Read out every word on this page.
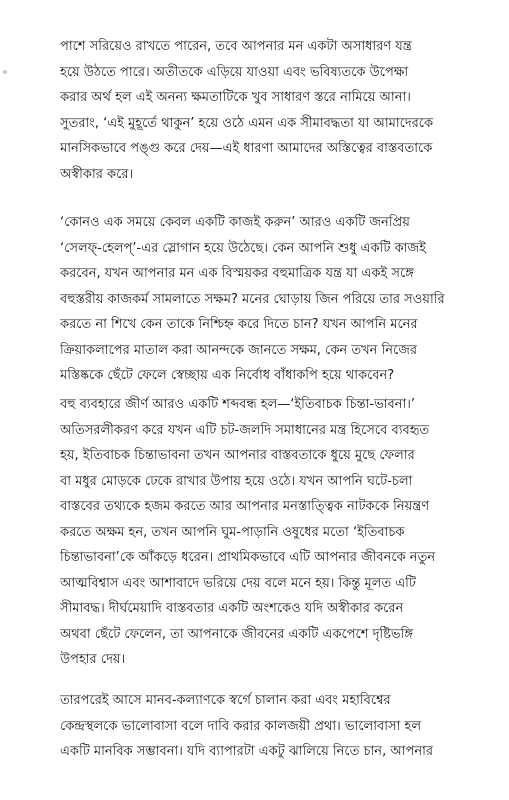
পাশে সরিয়েও রাখতে পারেন, তবে আপনার মন একটা অসাধারণ যন্ত্র
হয়ে উঠতে পারে। অতীতকে এড়িয়ে যাওয়া এবং ভবিষ্যতকে উপেক্ষা
করার অর্থ হল এই অনন্য ক্ষমতাটিকে খুব সাধারণ স্তরে নামিয়ে আনা।
সুতরাং, ‘এই মুহূর্তে থাকুন’ হয়ে ওঠে এমন এক সীমাবদ্ধতা যা আমাদেরকে
মানসিকভাবে পঙ্গু করে দেয়—এই ধারণা আমাদের অস্তিত্বের বাস্তবতাকে
অস্বীকার করে।
‘কোনও এক সময়ে কেবল একটি কাজই করুন’ আরও একটি জনপ্রিয়
‘সেলফ্-হেলপ্’-এর স্লোগান হয়ে উঠেছে। কেন আপনি শুধু একটি কাজই
করবেন, যখন আপনার মন এক বিস্ময়কর বহুমাত্রিক যন্ত্র যা একই সঙ্গে
বহুস্তরীয় কাজকর্ম সামলাতে সক্ষম? মনের ঘোড়ায় জিন পরিয়ে তার সওয়ারি
করতে না শিখে কেন তাকে নিশ্চিহ্ন করে দিতে চান? যখন আপনি মনের
ক্রিয়াকলাপের মাতাল করা আনন্দকে জানতে সক্ষম, কেন তখন নিজের
মস্তিষ্ককে ছেঁটে ফেলে স্বেচ্ছায় এক নির্বোধ বাঁধাকপি হয়ে থাকবেন?
বহু ব্যবহারে জীর্ণ আরও একটি শব্দবন্ধ হল—‘ইতিবাচক চিন্তা-ভাবনা।’
অতিসরলীকরণ করে যখন এটি চট-জলদি সমাধানের মন্ত্র হিসেবে ব্যবহৃত
হয়, ইতিবাচক চিন্তাভাবনা তখন আপনার বাস্তবতাকে ধুয়ে মুছে ফেলার
বা মধুর মোড়কে ঢেকে রাখার উপায় হয়ে ওঠে। যখন আপনি ঘটে-চলা
বাস্তবের তথ্যকে হজম করতে আর আপনার মনস্তাত্ত্বিক নাটককে নিয়ন্ত্রণ
করতে অক্ষম হন, তখন আপনি ঘুম-পাড়ানি ওষুধের মতো ‘ইতিবাচক
চিন্তাভাবনা’কে আঁকড়ে ধরেন। প্রাথমিকভাবে এটি আপনার জীবনকে নতুন
আত্মবিশ্বাস এবং আশাবাদে ভরিয়ে দেয় বলে মনে হয়। কিন্তু মূলত এটি
সীমাবদ্ধ। দীর্ঘমেয়াদি বাস্তবতার একটি অংশকেও যদি অস্বীকার করেন
অথবা ছেঁটে ফেলেন, তা আপনাকে জীবনের একটি একপেশে দৃষ্টিভঙ্গি
উপহার দেয়।
তারপরেই আসে মানব-কল্যাণকে স্বর্গে চালান করা এবং মহাবিশ্বের
কেন্দ্রস্থলকে ভালোবাসা বলে দাবি করার কালজয়ী প্রথা। ভালোবাসা হল
একটি মানবিক সম্ভাবনা। যদি ব্যাপারটা একটু ঝালিয়ে নিতে চান, আপনার
